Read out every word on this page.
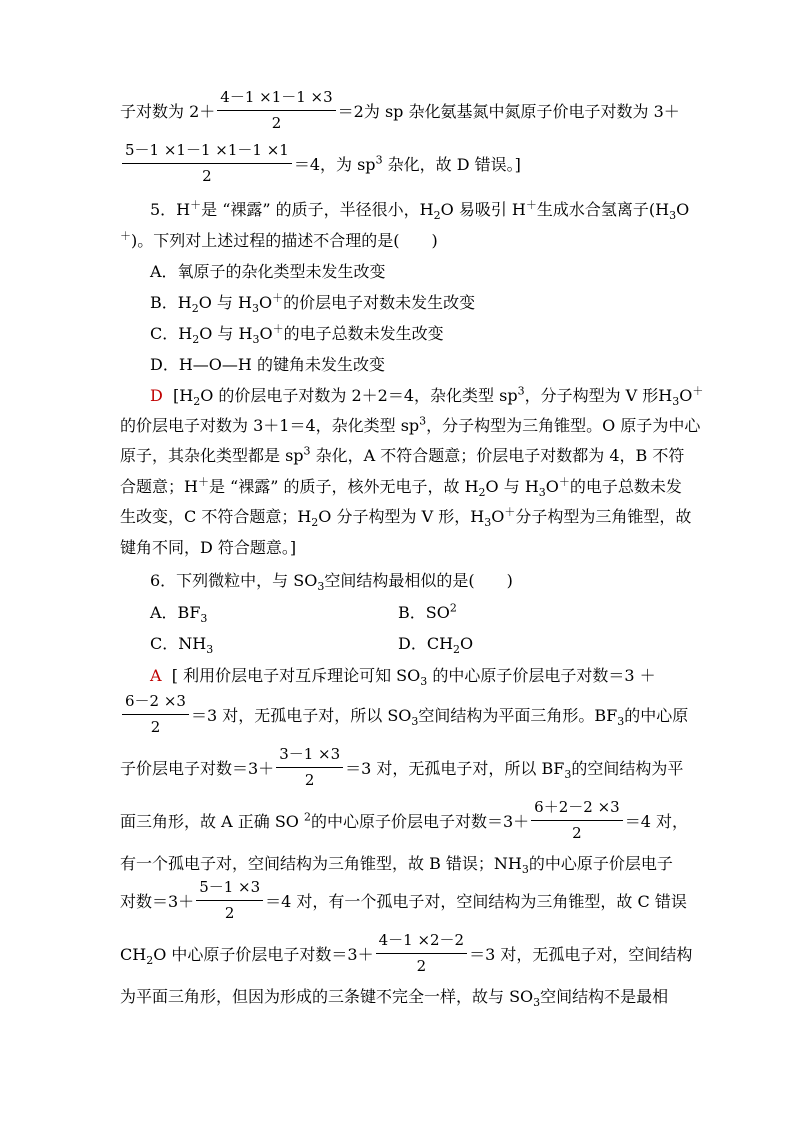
子对数为 $2+ \frac{4-1 \times 1-1 \times 3}{2} =2$为 sp 杂化氨基氮中氮原子价电子对数为 3＋
$\frac{5-1 \times 1-1 \times 1-1 \times 1}{2} =4$，为 $sp^3$ 杂化，故 D 错误。]
5．H＋是 “裸露” 的质子，半径很小，$H_2O$ 易吸引 H＋生成水合氢离子($H_3O$
＋)。下列对上述过程的描述不合理的是(　　)
A．氧原子的杂化类型未发生改变
B．$H_2O$ 与 $H_3O^+$的价层电子对数未发生改变
C．$H_2O$ 与 $H_3O^+$的电子总数未发生改变
D．H—O—H 的键角未发生改变
D [$H_2O$ 的价层电子对数为 2＋2＝4，杂化类型 $sp^3$，分子构型为 V 形$H_3O^+$
的价层电子对数为 3＋1＝4，杂化类型 $sp^3$，分子构型为三角锥型。O 原子为中心
原子，其杂化类型都是 $sp^3$ 杂化，A 不符合题意；价层电子对数都为 4，B 不符
合题意；H＋是 “裸露” 的质子，核外无电子，故 $H_2O$ 与 $H_3O^+$的电子总数未发
生改变，C 不符合题意；$H_2O$ 分子构型为 V 形，$H_3O^+$分子构型为三角锥型，故
键角不同，D 符合题意。]
6．下列微粒中，与 $SO_3$空间结构最相似的是(　　)
A．$BF_3$	B．$SO^2$
C．$NH_3$	D．$CH_2O$
A [ 利用价层电子对互斥理论可知 $SO_3$ 的中心原子价层电子对数＝3 ＋
$\frac{6-2 \times 3}{2} =3$ 对，无孤电子对，所以 $SO_3$空间结构为平面三角形。$BF_3$的中心原
子价层电子对数$=3+ \frac{3-1 \times 3}{2} =3$ 对，无孤电子对，所以 $BF_3$的空间结构为平
面三角形，故 A 正确 SO $^2$的中心原子价层电子对数$=3+ \frac{6+2-2 \times 3}{2} =4$ 对，
有一个孤电子对，空间结构为三角锥型，故 B 错误；$NH_3$的中心原子价层电子
对数$=3+ \frac{5-1 \times 3}{2} =4$ 对，有一个孤电子对，空间结构为三角锥型，故 C 错误
$CH_2O$ 中心原子价层电子对数$=3+ \frac{4-1 \times 2-2}{2} =3$ 对，无孤电子对，空间结构
为平面三角形，但因为形成的三条键不完全一样，故与 $SO_3$空间结构不是最相
